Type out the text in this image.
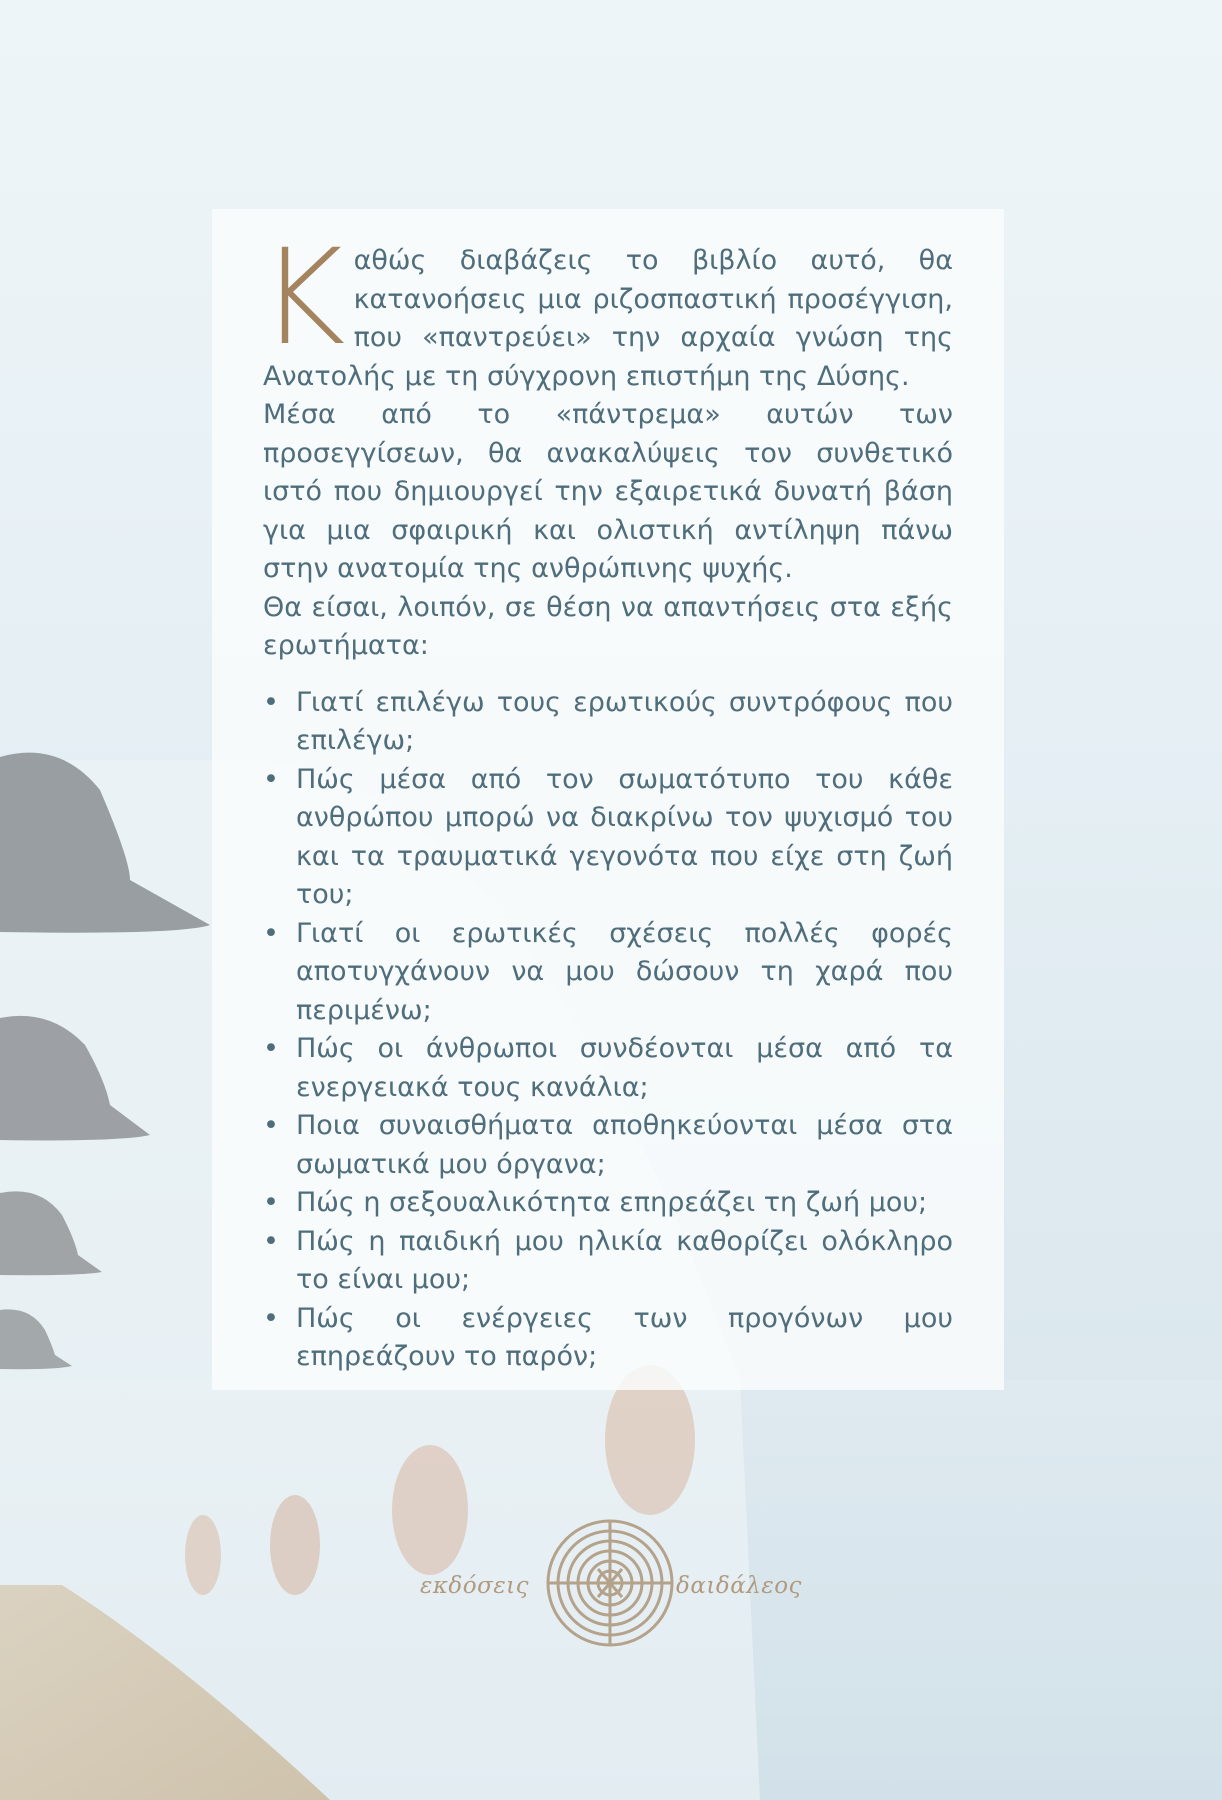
Καθώς διαβάζεις το βιβλίο αυτό, θα κατανοήσεις μια ριζοσπαστική προσέγγιση, που «παντρεύει» την αρχαία γνώση της Ανατολής με τη σύγχρονη επιστήμη της Δύσης.

Μέσα από το «πάντρεμα» αυτών των προσεγγίσεων, θα ανακαλύψεις τον συνθετικό ιστό που δημιουργεί την εξαιρετικά δυνατή βάση για μια σφαιρική και ολιστική αντίληψη πάνω στην ανατομία της ανθρώπινης ψυχής.

Θα είσαι, λοιπόν, σε θέση να απαντήσεις στα εξής ερωτήματα:

• Γιατί επιλέγω τους ερωτικούς συντρόφους που επιλέγω;
• Πώς μέσα από τον σωματότυπο του κάθε ανθρώπου μπορώ να διακρίνω τον ψυχισμό του και τα τραυματικά γεγονότα που είχε στη ζωή του;
• Γιατί οι ερωτικές σχέσεις πολλές φορές αποτυγχάνουν να μου δώσουν τη χαρά που περιμένω;
• Πώς οι άνθρωποι συνδέονται μέσα από τα ενεργειακά τους κανάλια;
• Ποια συναισθήματα αποθηκεύονται μέσα στα σωματικά μου όργανα;
• Πώς η σεξουαλικότητα επηρεάζει τη ζωή μου;
• Πώς η παιδική μου ηλικία καθορίζει ολόκληρο το είναι μου;
• Πώς οι ενέργειες των προγόνων μου επηρεάζουν το παρόν;
εκδόσεις	δαιδάλεος
